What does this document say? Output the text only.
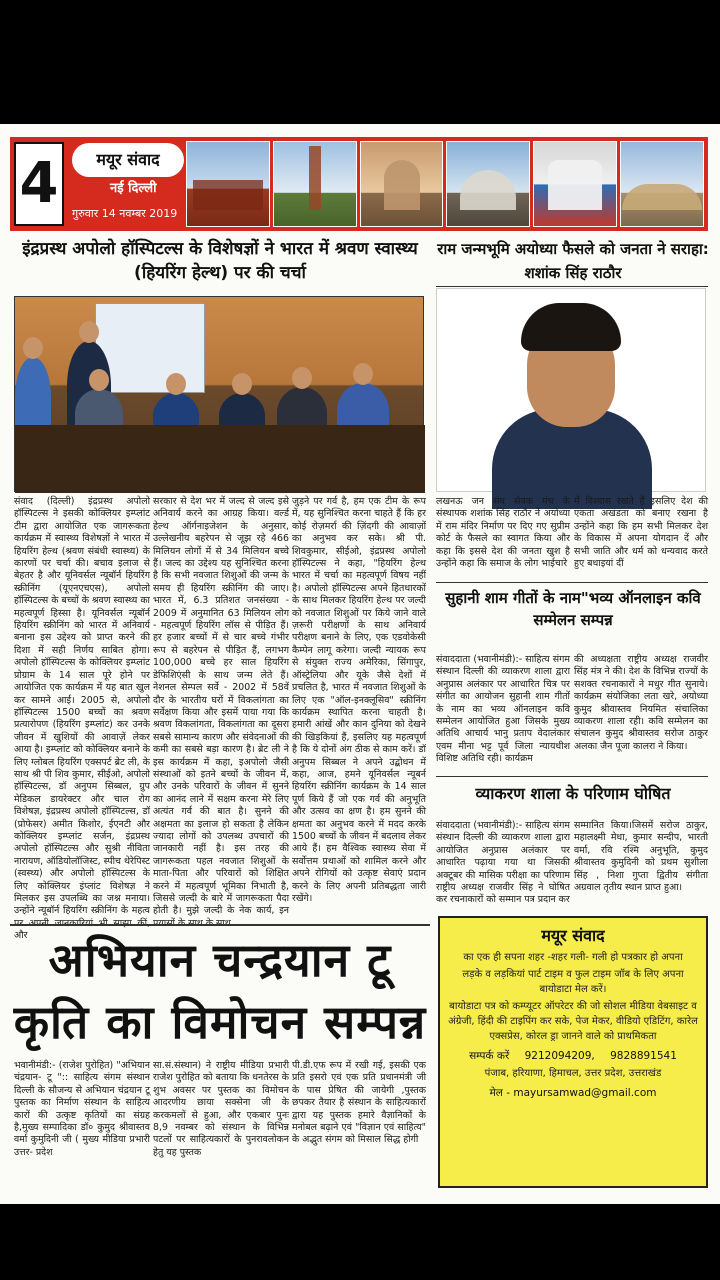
4	मयूर संवाद
नई दिल्ली
गुरुवार 14 नवम्बर 2019
इंद्रप्रस्थ अपोलो हॉस्पिटल्स के विशेषज्ञों ने भारत में श्रवण स्वास्थ्य (हियरिंग हेल्थ) पर की चर्चा
राम जन्मभूमि अयोध्या फैसले को जनता ने सराहा: शशांक सिंह राठौर
संवाद (दिल्ली) इंद्रप्रस्थ अपोलो हॉस्पिटल्स ने इसकी कोक्लियर इम्प्लांट टीम द्वारा आयोजित एक जागरूकता कार्यक्रम में स्वास्थ्य विशेषज्ञों ने भारत में हियरिंग हेल्थ (श्रवण संबंधी स्वास्थ्य) के कारणों पर चर्चा की। बचाव इलाज से बेहतर है और यूनिवर्सल न्यूबॉर्न हियरिंग स्क्रीनिंग (यूएनएचएस), अपोलो हॉस्पिटल्स के बच्चों के श्रवण स्वास्थ्य का महत्वपूर्ण हिस्सा है। यूनिवर्सल न्यूबॉर्न हियरिंग स्क्रीनिंग को भारत में अनिवार्य बनाना इस उद्देश्य को प्राप्त करने की दिशा में सही निर्णय साबित होगा। अपोलो हॉस्पिटल्स के कोक्लियर इम्प्लांट प्रोग्राम के 14 साल पूरे होने पर आयोजित एक कार्यक्रम में यह बात खुल कर सामने आई। 2005 से, अपोलो हॉस्पिटल्स 1500 बच्चों का श्रवण प्रत्यारोपण (हियरिंग इम्प्लांट) कर उनके जीवन में खुशियों की आवाज़ें लेकर आया है। इम्प्लांट को कोक्लियर बनाने के लिए ग्लोबल हियरिंग एक्सपर्ट ब्रेट ली, के साथ श्री पी शिव कुमार, सीईओ, अपोलो हॉस्पिटल्स, डॉ अनुपम सिब्बल, ग्रुप मेडिकल डायरेक्टर और चाल रोग विशेषज्ञ, इंद्रप्रस्थ अपोलो हॉस्पिटल्स, डॉ (प्रोफेसर) अमीत किशोर, ईएनटी और कोक्लियर इम्प्लांट सर्जन, इंद्रप्रस्थ अपोलो हॉस्पिटल्स और सुश्री नीविता नारायण, ऑडियोलॉजिस्ट, स्पीच थेरेपिस्ट (स्वस्थ्य) और अपोलो हॉस्पिटल्स के लिए कोक्लियर इंप्लांट विशेषज्ञ ने मिलकर इस उपलब्धि का जश्न मनाया। उन्होंने न्यूबॉर्न हियरिंग स्क्रीनिंग के महत्व और
सरकार से देश भर में जल्द से जल्द इसे अनिवार्य करने का आग्रह किया। वर्ल्ड हेल्थ ऑर्गनाइजेशन के अनुसार, उल्लेखनीय बहरेपन से जूझ रहे 466 मिलियन लोगों में से 34 मिलियन बच्चे हैं। जल्द का उद्देश्य यह सुनिश्चित करना है कि सभी नवजात शिशुओं की जन्म के समय ही हियरिंग स्क्रीनिंग की जाए। भारत में, 6.3 प्रतिशत जनसंख्या - 2009 में अनुमानित 63 मिलियन लोग - महत्वपूर्ण हियरिंग लॉस से पीड़ित हैं। हर हजार बच्चों में से चार बच्चे गंभीर रूप से बहरेपन से पीड़ित हैं, लगभग 100,000 बच्चे हर साल हियरिंग डेफिशिएंसी के साथ जन्म लेते हैं। नेशनल सेम्पल सर्वे - 2002 में 58वें दौर के भारतीय घरों में विकलांगता का सर्वेक्षण किया और इसमें पाया गया कि श्रवण विकलांगता, विकलांगता का दूसरा सबसे सामान्य कारण और संवेदनाओं की कमी का सबसे बड़ा कारण है। ब्रेट ली ने इस कार्यक्रम में कहा, इअपोलो जैसी संस्थाओं को इतने बच्चों के जीवन में, और उनके परिवारों के जीवन में सुनने का आनंद लाने में सक्षम करना मेरे लिए अत्यंत गर्व की बात है। सुनने की अक्षमता का इलाज हो सकता है लेकिन ज्यादा लोगों को उपलब्ध उपचारों की जानकारी नहीं है। इस तरह की जागरूकता पहल नवजात शिशुओं के माता-पिता और परिवारों को शिक्षित करने में महत्वपूर्ण भूमिका निभाती है, जिससे जल्दी के बारे में जागरूकता पैदा होती है। मुझे जल्दी के नेक कार्य, इन
जुड़ने पर गर्व है, हम एक टीम के रूप में, यह सुनिश्चित करना चाहते हैं कि हर कोई रोज़मर्रा की ज़िंदगी की आवाज़ों का अनुभव कर सके। श्री पी. शिवकुमार, सीईओ, इंद्रप्रस्थ अपोलो हॉस्पिटल्स ने कहा, "हियरिंग हेल्थ भारत में चर्चा का महत्वपूर्ण विषय नहीं है। अपोलो हॉस्पिटल्स अपने हितधारकों के साथ मिलकर हियरिंग हेल्थ पर जल्दी को नवजात शिशुओं पर किये जाने वाले ज़रूरी परीक्षणों के साथ अनिवार्य परीक्षण बनाने के लिए, एक एडवोकेसी कैम्पेन लागू करेगा। जल्दी न्यायक रूप से संयुक्त राज्य अमेरिका, सिंगापुर, ऑस्ट्रेलिया और यूके जैसे देशों में प्रचलित है, भारत में नवजात शिशुओं के लिए एक "ऑल-इनक्लूसिव" स्क्रीनिंग कार्यक्रम स्थापित करना चाहती है। हमारी आंखें और कान दुनिया को देखने की खिड़कियां हैं, इसलिए यह महत्वपूर्ण है कि ये दोनों अंग ठीक से काम करें। डॉ अनुपम सिब्बल ने अपने उद्बोधन में कहा, आज, हमने यूनिवर्सल न्यूबर्न हियरिंग स्क्रीनिंग कार्यक्रम के 14 साल पूर्ण किये हैं जो एक गर्व की अनुभूति और उत्सव का क्षण है। हम सुनने की क्षमता का अनुभव करने में मदद करके 1500 बच्चों के जीवन में बदलाव लेकर आये हैं। हम वैश्विक स्वास्थ्य सेवा में सर्वोत्तम प्रथाओं को शामिल करने और अपने रोगियों को उत्कृष्ट सेवाएं प्रदान करने के लिए अपनी प्रतिबद्धता जारी रखेंगे।
लखनऊ जन संघ सेवक मंच के संस्थापक शशांक सिंह राठौर ने अयोध्या में राम मंदिर निर्माण पर दिए गए सुप्रीम कोर्ट के फैसले का स्वागत किया और कहा कि इससे देश की जनता खुश है उन्होंने कहा कि समाज के लोग भाईचारे
में विश्वास रखते हैं इसलिए देश की एकता अखंडता को बनाए रखना है उन्होंने कहा कि हम सभी मिलकर देश के विकास में अपना योगदान दें और सभी जाति और धर्म को धन्यवाद करते हुए बधाइयां दीं
सुहानी शाम गीतों के नाम"भव्य ऑनलाइन कवि सम्मेलन सम्पन्न
संवाददाता (भवानीमंडी):- साहित्य संगम संस्थान दिल्ली की व्याकरण शाला द्वारा अनुप्रास अलंकार पर आधारित चित्र पर संगीत का आयोजन सुहानी शाम गीतों के नाम का भव्य ऑनलाइन कवि सम्मेलन आयोजित हुआ जिसके मुख्य अतिथि आचार्य भानु प्रताप वेदालंकार एवम मीना भट्ट पूर्व जिला न्यायधीश विशिष्ट अतिथि रही। कार्यक्रम
की अध्यक्षता राष्ट्रीय अध्यक्ष राजवीर सिंह मंत्र ने की। देश के विभिन्न राज्यों के सशक्त रचनाकारों ने मधुर गीत सुनाये। कार्यक्रम संयोजिका लता खरे, अयोध्या कुमुद श्रीवास्तव नियमित संचालिका व्याकरण शाला रही। कवि सम्मेलन का संचालन कुमुद श्रीवास्तव सरोज ठाकुर अलका जैन पूजा कालरा ने किया।
व्याकरण शाला के परिणाम घोषित
संवाददाता (भवानीमंडी):- साहित्य संगम संस्थान दिल्ली की व्याकरण शाला द्वारा आयोजित अनुप्रास अलंकार पर आधारित पढ़ाया गया था जिसकी अक्टूबर की मासिक परीक्षा का परिणाम राष्ट्रीय अध्यक्ष राजवीर सिंह ने घोषित कर रचनाकारों को सम्मान पत्र प्रदान कर
सम्मानित किया।जिसमें सरोज ठाकुर, महालक्ष्मी मेधा, कुमार सन्दीप, भारती वर्मा, रवि रश्मि अनुभूति, कुमुद श्रीवास्तव कुमुदिनी को प्रथम सुशीला सिंह , निशा गुप्ता द्वितीय संगीता अग्रवाल तृतीय स्थान प्राप्त हुआ।
अभियान चन्द्रयान टू कृति का विमोचन सम्पन्न
भवानीमंडी:- (राजेश पुरोहित) "अभियान चंद्रयान- टू ":: साहित्य संगम संस्थान दिल्ली के सौजन्य से अभियान चंद्रयान टू पुस्तक का निर्माण संस्थान के साहित्य कारों की उत्कृष्ट कृतियों का संग्रह है,मुख्य सम्पादिका डॉ० कुमुद श्रीवास्तव वर्मा कुमुदिनी जी ( मुख्य मीडिया प्रभारी उत्तर- प्रदेश
सा.सं.संस्थान) ने राष्ट्रीय मीडिया प्रभारी राजेश पुरोहित को बताया कि धनतेरस के शुभ अवसर पर पुस्तक का विमोचन आदरणीय छाया सक्सेना जी के करकमलों से हुआ, और एकबार पुनः 8,9 नवम्बर को संस्थान के विभिन्न पटलों पर साहित्यकारों के पुनरावलोकन हेतु यह पुस्तक
पी.डी.एफ रूप में रखी गई, इसकी एक प्रति इसरो एवं एक प्रति प्रधानमंत्री जी के पास प्रेषित की जायेगी ,पुस्तक छपकर तैयार है संस्थान के साहित्यकारों द्वारा यह पुस्तक हमारे वैज्ञानिकों के मनोबल बढ़ाने एवं "विज्ञान एवं साहित्य" के अद्भुत संगम को मिसाल सिद्ध होगी
मयूर संवाद
का एक ही सपना शहर -शहर गली- गली हो पत्रकार हो अपना
लड़के व लड़कियां पार्ट टाइम व फुल टाइम जॉब के लिए अपना बायोडाटा मेल करें।
बायोडाटा पत्र को कम्प्यूटर ऑपरेटर की जो सोशल मीडिया वेबसाइट व अंग्रेजी, हिंदी की टाइपिंग कर सके, पेज मेकर, वीडियो एडिटिंग, कारेल एक्सप्रेस, कोरल ड्रा जानने वाले को प्राथमिकता
सम्पर्क करें 9212094209, 9828891541
पंजाब, हरियाणा, हिमाचल, उत्तर प्रदेश, उत्तराखंड
मेल - mayursamwad@gmail.com
